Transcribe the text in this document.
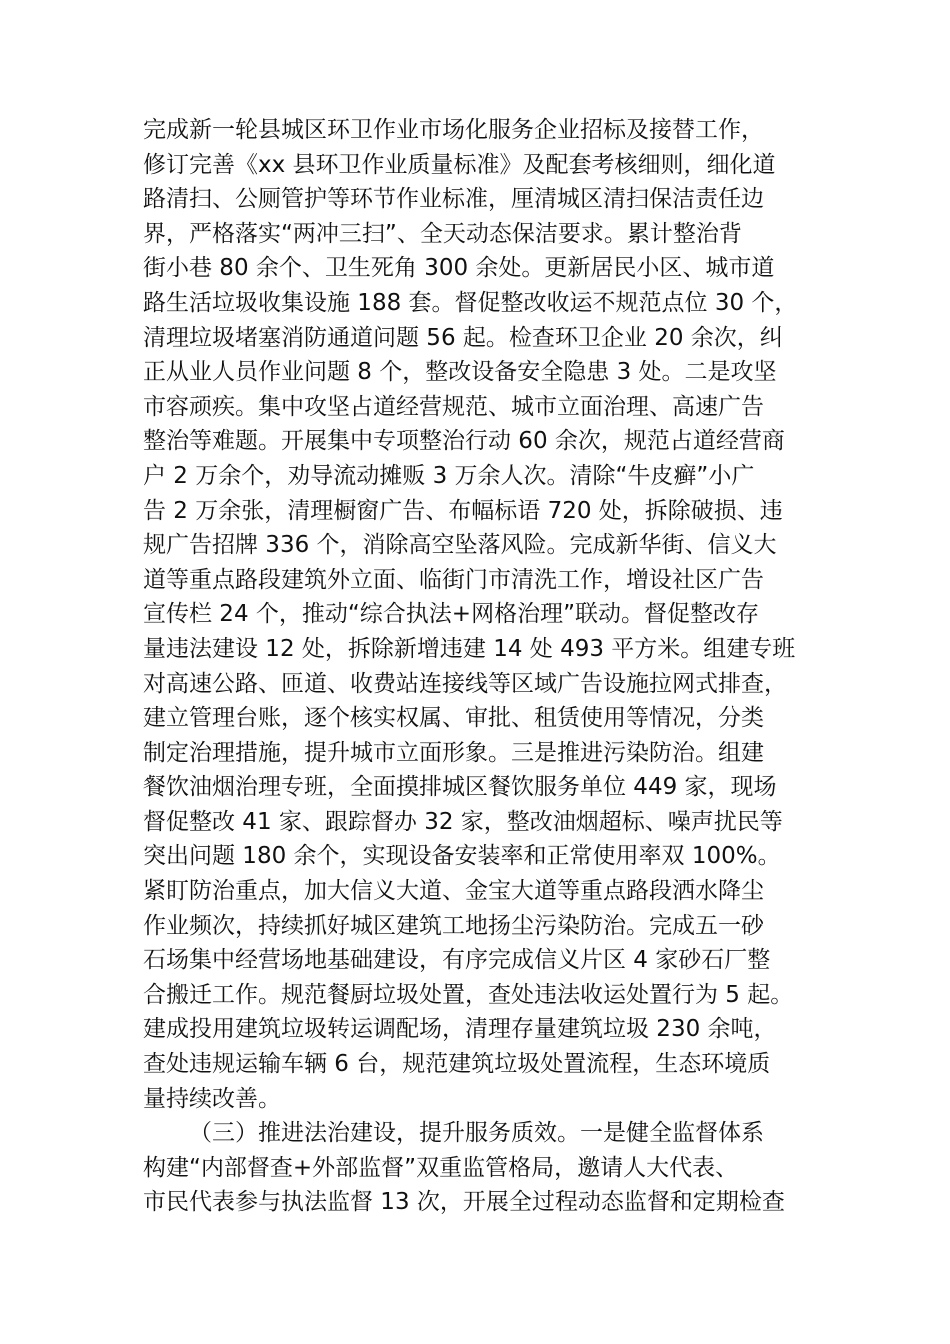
完成新一轮县城区环卫作业市场化服务企业招标及接替工作，
修订完善《xx 县环卫作业质量标准》及配套考核细则，细化道
路清扫、公厕管护等环节作业标准，厘清城区清扫保洁责任边
界，严格落实“两冲三扫”、全天动态保洁要求。累计整治背
街小巷 80 余个、卫生死角 300 余处。更新居民小区、城市道
路生活垃圾收集设施 188 套。督促整改收运不规范点位 30 个，
清理垃圾堵塞消防通道问题 56 起。检查环卫企业 20 余次，纠
正从业人员作业问题 8 个，整改设备安全隐患 3 处。二是攻坚
市容顽疾。集中攻坚占道经营规范、城市立面治理、高速广告
整治等难题。开展集中专项整治行动 60 余次，规范占道经营商
户 2 万余个，劝导流动摊贩 3 万余人次。清除“牛皮癣”小广
告 2 万余张，清理橱窗广告、布幅标语 720 处，拆除破损、违
规广告招牌 336 个，消除高空坠落风险。完成新华街、信义大
道等重点路段建筑外立面、临街门市清洗工作，增设社区广告
宣传栏 24 个，推动“综合执法+网格治理”联动。督促整改存
量违法建设 12 处，拆除新增违建 14 处 493 平方米。组建专班
对高速公路、匝道、收费站连接线等区域广告设施拉网式排查，
建立管理台账，逐个核实权属、审批、租赁使用等情况，分类
制定治理措施，提升城市立面形象。三是推进污染防治。组建
餐饮油烟治理专班，全面摸排城区餐饮服务单位 449 家，现场
督促整改 41 家、跟踪督办 32 家，整改油烟超标、噪声扰民等
突出问题 180 余个，实现设备安装率和正常使用率双 100%。
紧盯防治重点，加大信义大道、金宝大道等重点路段洒水降尘
作业频次，持续抓好城区建筑工地扬尘污染防治。完成五一砂
石场集中经营场地基础建设，有序完成信义片区 4 家砂石厂整
合搬迁工作。规范餐厨垃圾处置，查处违法收运处置行为 5 起。
建成投用建筑垃圾转运调配场，清理存量建筑垃圾 230 余吨，
查处违规运输车辆 6 台，规范建筑垃圾处置流程，生态环境质
量持续改善。
（三）推进法治建设，提升服务质效。一是健全监督体系
构建“内部督查+外部监督”双重监管格局，邀请人大代表、
市民代表参与执法监督 13 次，开展全过程动态监督和定期检查
